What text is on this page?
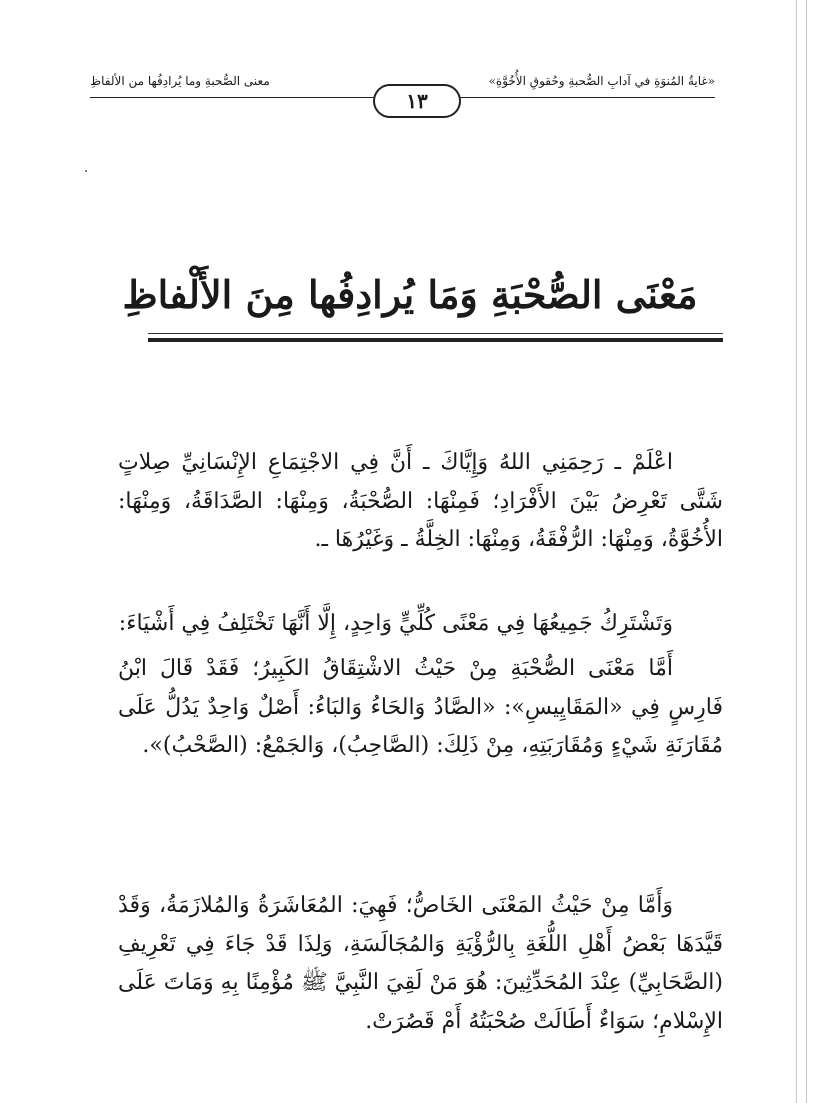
«غايةُ المُنوَةِ في آدابِ الصُّحبةِ وحُقوقِ الأُخُوَّةِ»
معنى الصُّحبةِ وما يُرادِفُها من الألفاظِ
١٣
مَعْنَى الصُّحْبَةِ وَمَا يُرادِفُها مِنَ الأَلْفاظِ

اعْلَمْ ـ رَحِمَنِي اللهُ وَإِيَّاكَ ـ أَنَّ فِي الاجْتِمَاعِ الإِنْسَانِيِّ صِلاتٍ شَتَّى تَعْرِضُ بَيْنَ الأَفْرَادِ؛ فَمِنْهَا: الصُّحْبَةُ، وَمِنْهَا: الصَّدَاقَةُ، وَمِنْهَا: الأُخُوَّةُ، وَمِنْهَا: الرُّفْقَةُ، وَمِنْهَا: الخِلَّةُ ـ وَغَيْرُهَا ـ.

وَتَشْتَرِكُ جَمِيعُهَا فِي مَعْنًى كُلِّيٍّ وَاحِدٍ، إِلَّا أَنَّهَا تَخْتَلِفُ فِي أَشْيَاءَ:

أَمَّا مَعْنَى الصُّحْبَةِ مِنْ حَيْثُ الاشْتِقَاقُ الكَبِيرُ؛ فَقَدْ قَالَ ابْنُ فَارِسٍ فِي «المَقَايِيسِ»: «الصَّادُ وَالحَاءُ وَالبَاءُ: أَصْلٌ وَاحِدٌ يَدُلُّ عَلَى مُقَارَنَةِ شَيْءٍ وَمُقَارَبَتِهِ، مِنْ ذَلِكَ: (الصَّاحِبُ)، وَالجَمْعُ: (الصَّحْبُ)».

وَأَمَّا مِنْ حَيْثُ المَعْنَى الخَاصُّ؛ فَهِيَ: المُعَاشَرَةُ وَالمُلازَمَةُ، وَقَدْ قَيَّدَهَا بَعْضُ أَهْلِ اللُّغَةِ بِالرُّؤْيَةِ وَالمُجَالَسَةِ، وَلِذَا قَدْ جَاءَ فِي تَعْرِيفِ (الصَّحَابِيِّ) عِنْدَ المُحَدِّثِينَ: هُوَ مَنْ لَقِيَ النَّبِيَّ ﷺ مُؤْمِنًا بِهِ وَمَاتَ عَلَى الإِسْلامِ؛ سَوَاءٌ أَطَالَتْ صُحْبَتُهُ أَمْ قَصُرَتْ.
